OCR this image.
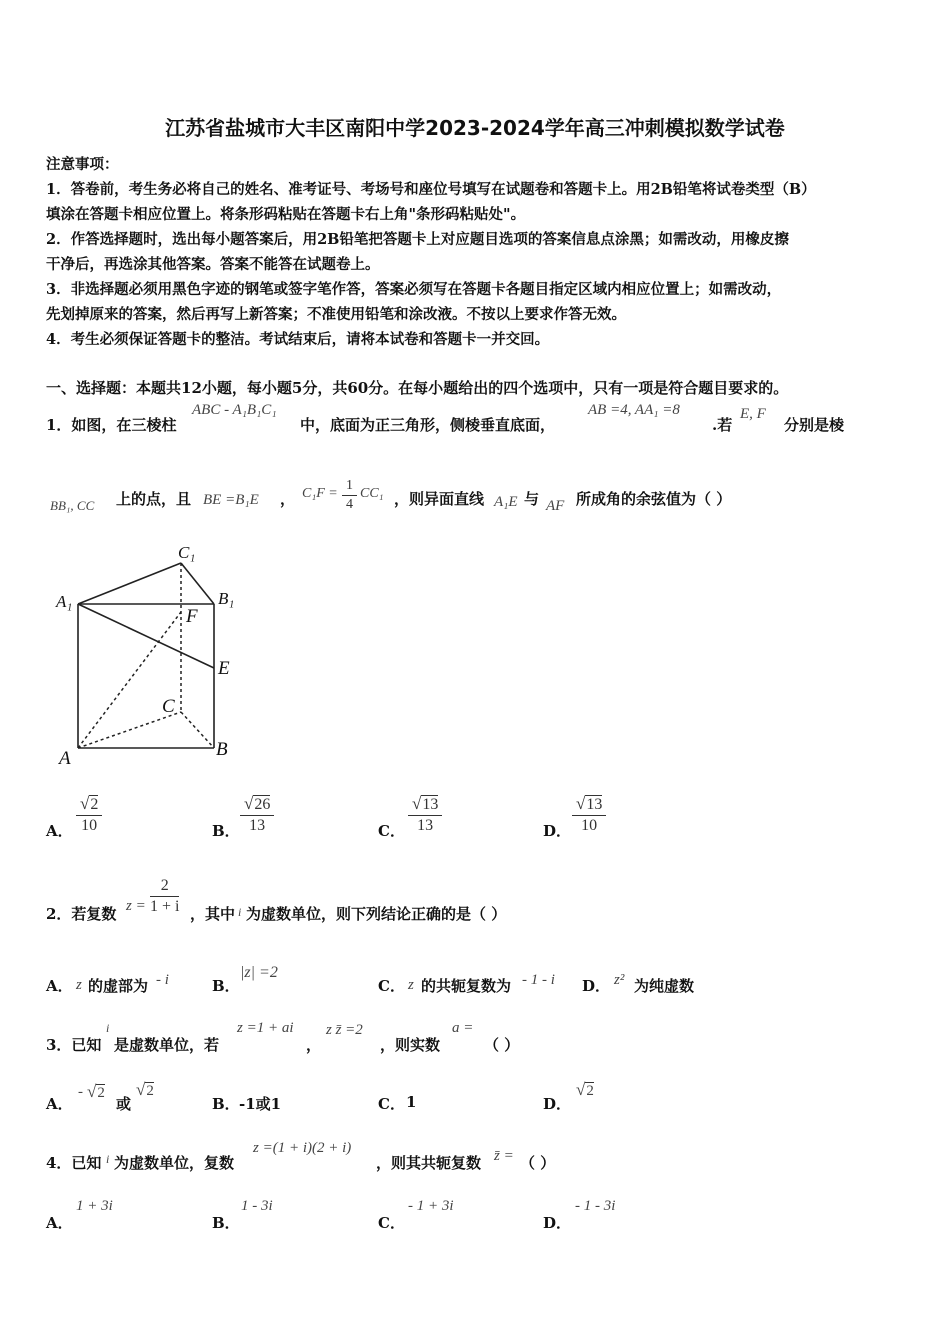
江苏省盐城市大丰区南阳中学2023-2024学年高三冲刺模拟数学试卷
注意事项：
1．答卷前，考生务必将自己的姓名、准考证号、考场号和座位号填写在试题卷和答题卡上。用2B铅笔将试卷类型（B）
填涂在答题卡相应位置上。将条形码粘贴在答题卡右上角"条形码粘贴处"。
2．作答选择题时，选出每小题答案后，用2B铅笔把答题卡上对应题目选项的答案信息点涂黑；如需改动，用橡皮擦
干净后，再选涂其他答案。答案不能答在试题卷上。
3．非选择题必须用黑色字迹的钢笔或签字笔作答，答案必须写在答题卡各题目指定区域内相应位置上；如需改动，
先划掉原来的答案，然后再写上新答案；不准使用铅笔和涂改液。不按以上要求作答无效。
4．考生必须保证答题卡的整洁。考试结束后，请将本试卷和答题卡一并交回。
一、选择题：本题共12小题，每小题5分，共60分。在每小题给出的四个选项中，只有一项是符合题目要求的。
1．如图，在三棱柱
ABC - A₁B₁C₁
中，底面为正三角形，侧棱垂直底面，
AB =4, AA₁ =8
.若
E, F
分别是棱
BB₁, CC 上的点，且 BE =B₁E ， C₁F =
1
4
CC₁ ，则异面直线 A₁E 与 AF 所成角的余弦值为（ ）
C₁
A₁	B₁
F
E
C
A	B
A．
√2
10	B．
√26
13	C．
√13
13	D．
√13
10
2．若复数 z =
2
1 + i ，其中 i 为虚数单位，则下列结论正确的是（ ）
A． z 的虚部为 - i	B．
|z| =2
C． z 的共轭复数为 - 1 - i D． z² 为纯虚数
3．已知
i
是虚数单位，若
z =1 + ai
，
z z̄ =2
，则实数
a =
（ ）
A．
- √2
或
√2
B． -1或1	C． 1	D．
√2
4．已知 i 为虚数单位，复数
z =(1 + i)(2 + i)
，则其共轭复数 z̄ = （ ）
A．
1 + 3i
B．
1 - 3i
C．
- 1 + 3i
D．
- 1 - 3i
